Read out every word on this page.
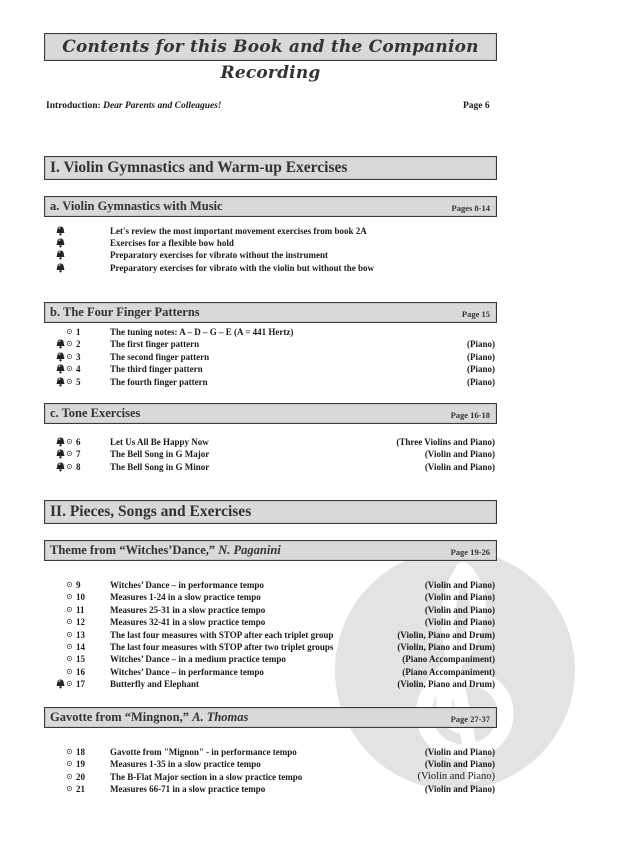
Contents for this Book and the Companion Recording
Introduction: Dear Parents and Colleagues!	Page 6
I. Violin Gymnastics and Warm-up Exercises
a. Violin Gymnastics with Music	Pages 8-14
b. The Four Finger Patterns	Page 15
c. Tone Exercises	Page 16-18
II. Pieces, Songs and Exercises
Theme from “Witches’Dance,” N. Paganini	Page 19-26
Gavotte from “Mingnon,” A. Thomas	Page 27-37
Let's review the most important movement exercises from book 2A
Exercises for a flexible bow hold
Preparatory exercises for vibrato without the instrument
Preparatory exercises for vibrato with the violin but without the bow
⊙ 1	The tuning notes: A – D – G – E (A = 441 Hertz)
⊙ 2	The first finger pattern	(Piano)
⊙ 3	The second finger pattern	(Piano)
⊙ 4	The third finger pattern	(Piano)
⊙ 5	The fourth finger pattern	(Piano)
⊙ 6	Let Us All Be Happy Now	(Three Violins and Piano)
⊙ 7	The Bell Song in G Major	(Violin and Piano)
⊙ 8	The Bell Song in G Minor	(Violin and Piano)
⊙ 9	Witches’ Dance – in performance tempo	(Violin and Piano)
⊙ 10	Measures 1-24 in a slow practice tempo	(Violin and Piano)
⊙ 11	Measures 25-31 in a slow practice tempo	(Violin and Piano)
⊙ 12	Measures 32-41 in a slow practice tempo	(Violin and Piano)
⊙ 13	The last four measures with STOP after each triplet group	(Violin, Piano and Drum)
⊙ 14	The last four measures with STOP after two triplet groups	(Violin, Piano and Drum)
⊙ 15	Witches’ Dance – in a medium practice tempo	(Piano Accompaniment)
⊙ 16	Witches’ Dance – in performance tempo	(Piano Accompaniment)
⊙ 17	Butterfly and Elephant	(Violin, Piano and Drum)
⊙ 18	Gavotte from "Mignon" - in performance tempo	(Violin and Piano)
⊙ 19	Measures 1-35 in a slow practice tempo	(Violin and Piano)
⊙ 20	The B-Flat Major section in a slow practice tempo	(Violin and Piano)
⊙ 21	Measures 66-71 in a slow practice tempo	(Violin and Piano)
